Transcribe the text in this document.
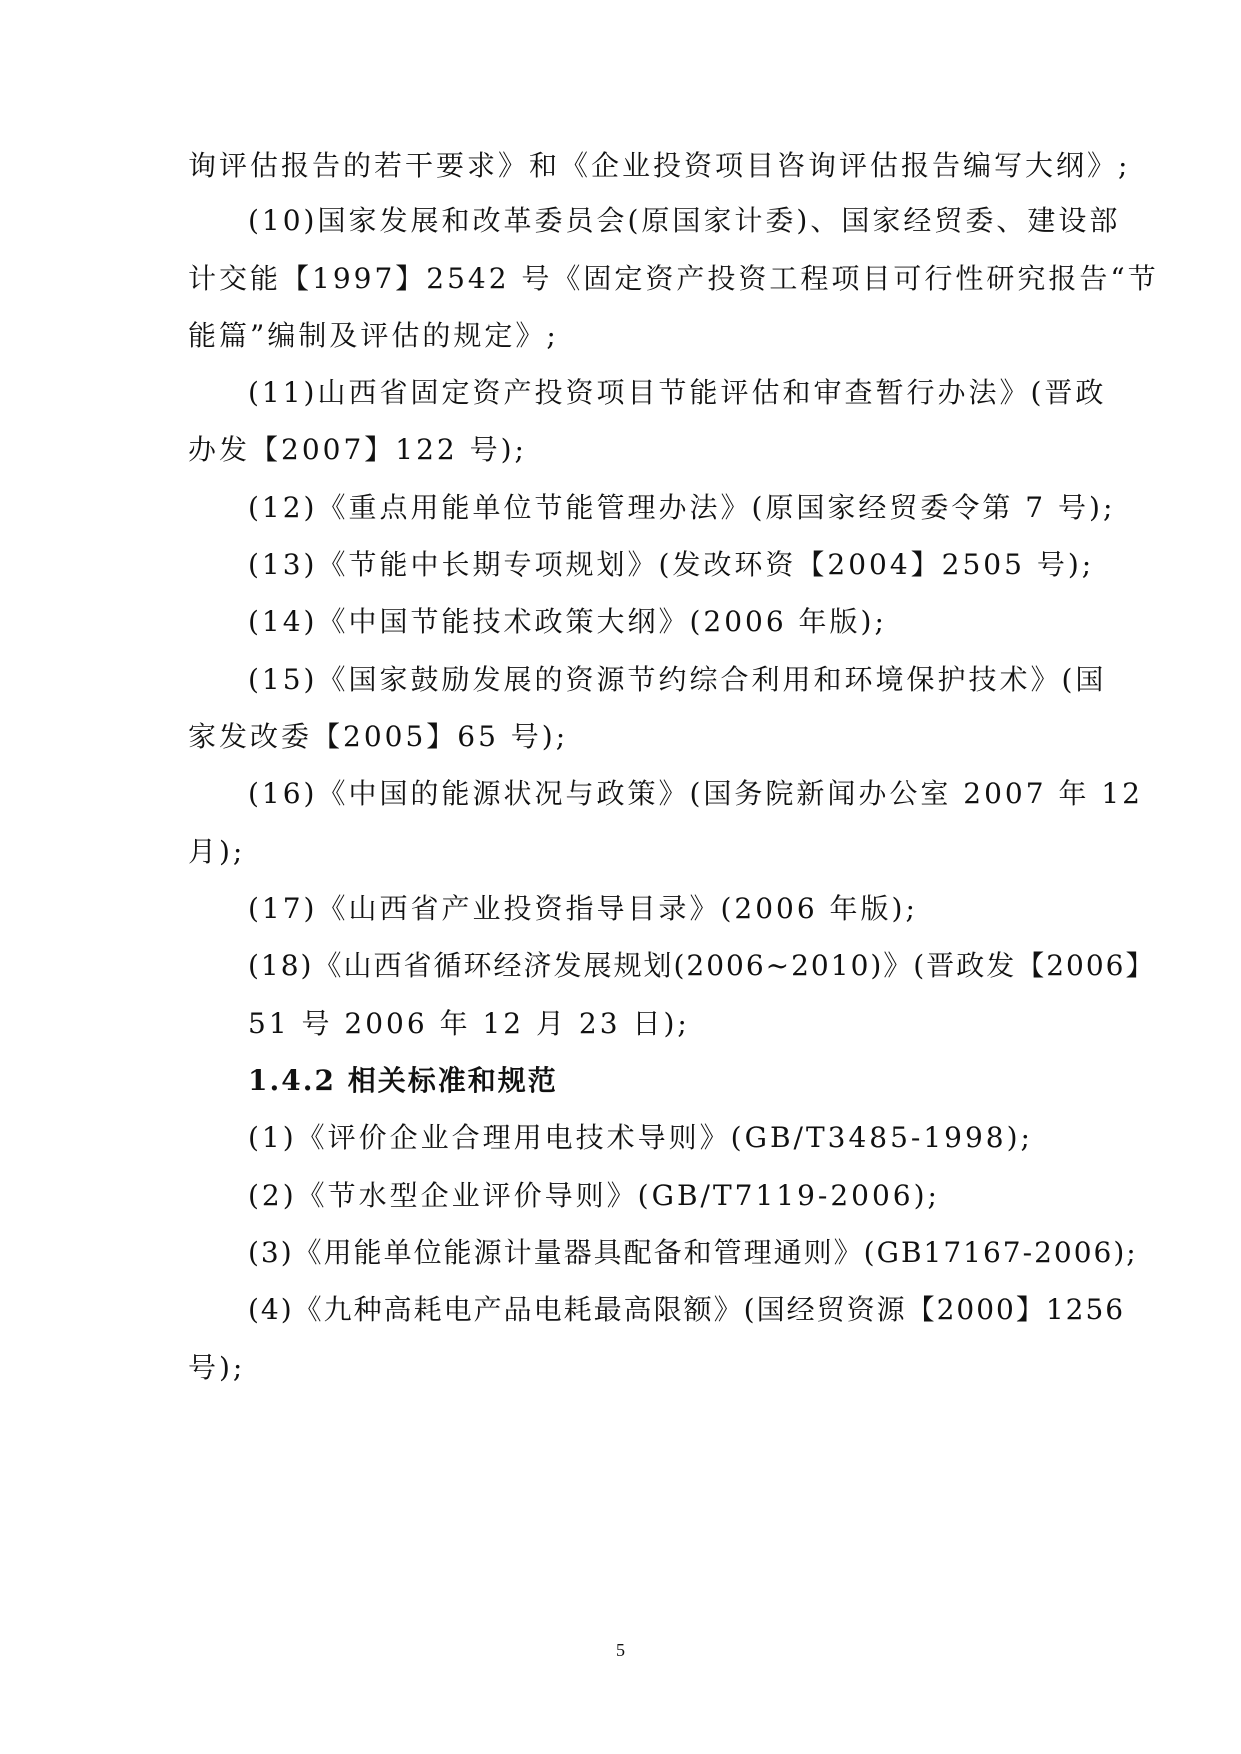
询评估报告的若干要求》和《企业投资项目咨询评估报告编写大纲》;
(10)国家发展和改革委员会(原国家计委)、国家经贸委、建设部
计交能【1997】2542 号《固定资产投资工程项目可行性研究报告“节
能篇”编制及评估的规定》;
(11)山西省固定资产投资项目节能评估和审查暂行办法》(晋政
办发【2007】122 号);
(12)《重点用能单位节能管理办法》(原国家经贸委令第 7 号);
(13)《节能中长期专项规划》(发改环资【2004】2505 号);
(14)《中国节能技术政策大纲》(2006 年版);
(15)《国家鼓励发展的资源节约综合利用和环境保护技术》(国
家发改委【2005】65 号);
(16)《中国的能源状况与政策》(国务院新闻办公室 2007 年 12
月);
(17)《山西省产业投资指导目录》(2006 年版);
(18)《山西省循环经济发展规划(2006~2010)》(晋政发【2006】
51 号 2006 年 12 月 23 日);
1.4.2 相关标准和规范
(1)《评价企业合理用电技术导则》(GB/T3485-1998);
(2)《节水型企业评价导则》(GB/T7119-2006);
(3)《用能单位能源计量器具配备和管理通则》(GB17167-2006);
(4)《九种高耗电产品电耗最高限额》(国经贸资源【2000】1256
号);
5
